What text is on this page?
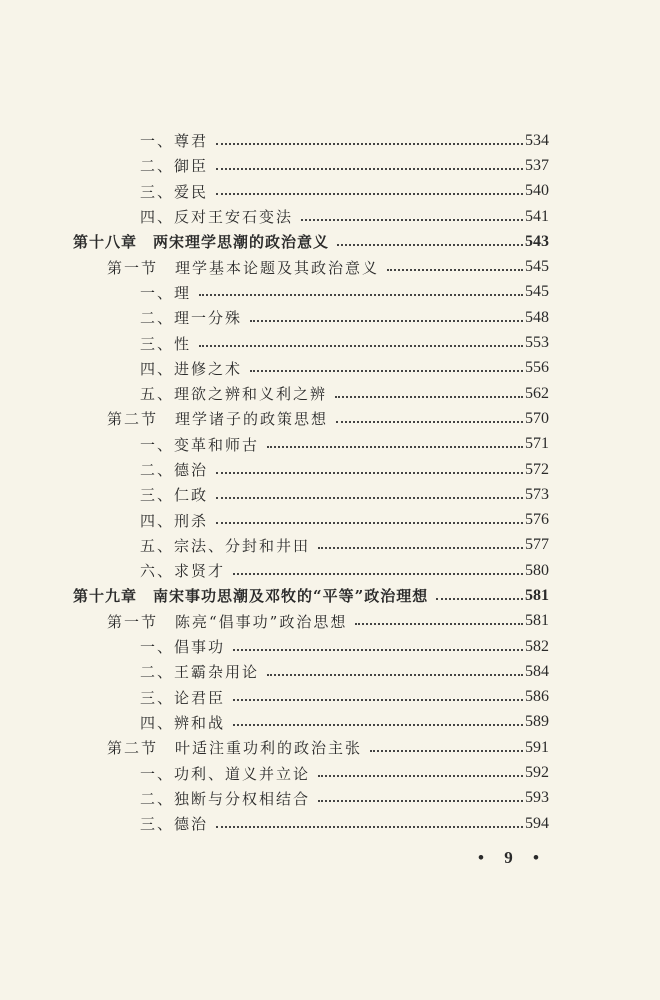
一、尊君	534
二、御臣	537
三、爱民	540
四、反对王安石变法	541
第十八章　两宋理学思潮的政治意义	543
第一节　理学基本论题及其政治意义	545
一、理	545
二、理一分殊	548
三、性	553
四、进修之术	556
五、理欲之辨和义利之辨	562
第二节　理学诸子的政策思想	570
一、变革和师古	571
二、德治	572
三、仁政	573
四、刑杀	576
五、宗法、分封和井田	577
六、求贤才	580
第十九章　南宋事功思潮及邓牧的“平等”政治理想	581
第一节　陈亮“倡事功”政治思想	581
一、倡事功	582
二、王霸杂用论	584
三、论君臣	586
四、辨和战	589
第二节　叶适注重功利的政治主张	591
一、功利、道义并立论	592
二、独断与分权相结合	593
三、德治	594
• 9 •
